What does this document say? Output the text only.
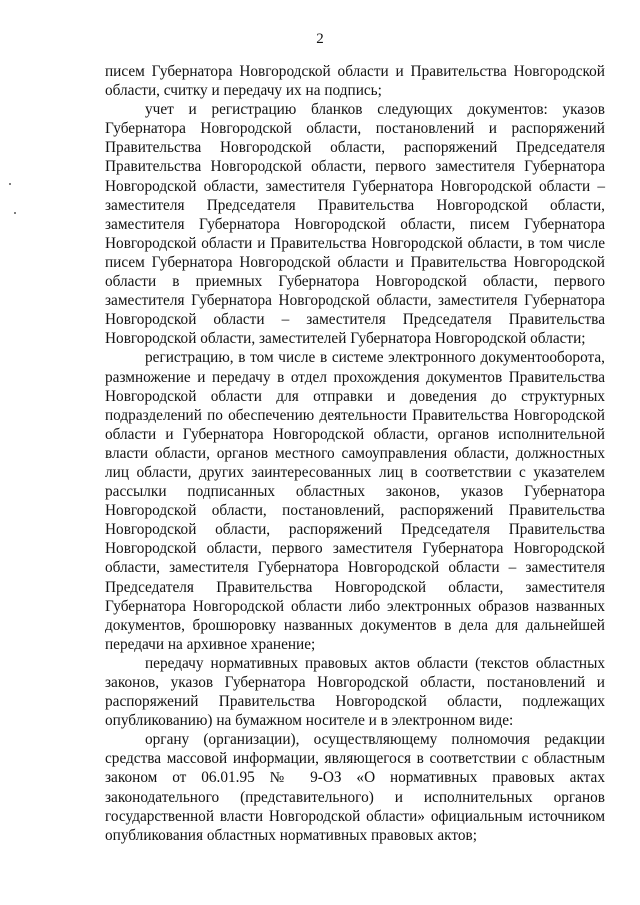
2

писем Губернатора Новгородской области и Правительства Новгородской области, считку и передачу их на подпись;

учет и регистрацию бланков следующих документов: указов Губернатора Новгородской области, постановлений и распоряжений Правительства Новгородской области, распоряжений Председателя Правительства Новгородской области, первого заместителя Губернатора Новгородской области, заместителя Губернатора Новгородской области – заместителя Председателя Правительства Новгородской области, заместителя Губернатора Новгородской области, писем Губернатора Новгородской области и Правительства Новгородской области, в том числе писем Губернатора Новгородской области и Правительства Новгородской области в приемных Губернатора Новгородской области, первого заместителя Губернатора Новгородской области, заместителя Губернатора Новгородской области – заместителя Председателя Правительства Новгородской области, заместителей Губернатора Новгородской области;

регистрацию, в том числе в системе электронного документооборота, размножение и передачу в отдел прохождения документов Правительства Новгородской области для отправки и доведения до структурных подразделений по обеспечению деятельности Правительства Новгородской области и Губернатора Новгородской области, органов исполнительной власти области, органов местного самоуправления области, должностных лиц области, других заинтересованных лиц в соответствии с указателем рассылки подписанных областных законов, указов Губернатора Новгородской области, постановлений, распоряжений Правительства Новгородской области, распоряжений Председателя Правительства Новгородской области, первого заместителя Губернатора Новгородской области, заместителя Губернатора Новгородской области – заместителя Председателя Правительства Новгородской области, заместителя Губернатора Новгородской области либо электронных образов названных документов, брошюровку названных документов в дела для дальнейшей передачи на архивное хранение;

передачу нормативных правовых актов области (текстов областных законов, указов Губернатора Новгородской области, постановлений и распоряжений Правительства Новгородской области, подлежащих опубликованию) на бумажном носителе и в электронном виде:

органу (организации), осуществляющему полномочия редакции средства массовой информации, являющегося в соответствии с областным законом от 06.01.95 № 9-ОЗ «О нормативных правовых актах законодательного (представительного) и исполнительных органов государственной власти Новгородской области» официальным источником опубликования областных нормативных правовых актов;
